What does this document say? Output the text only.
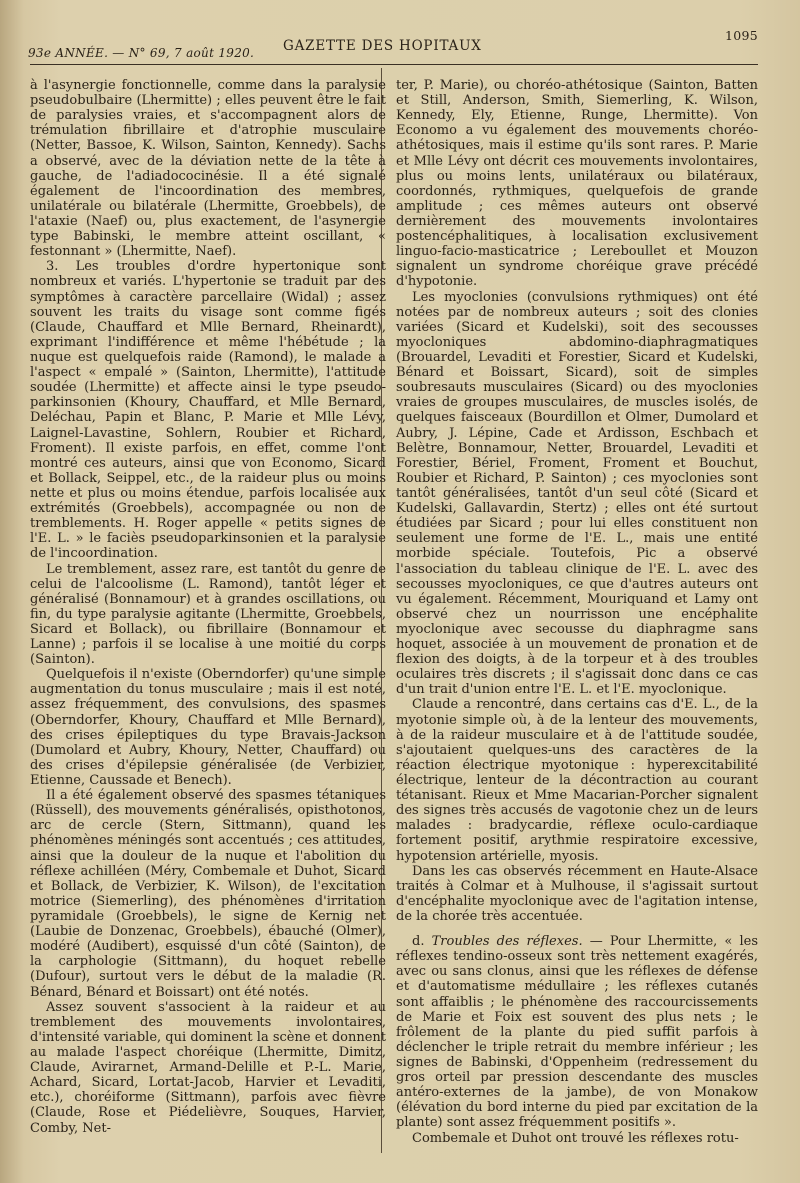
93e ANNÉE. — N° 69, 7 août 1920. GAZETTE DES HOPITAUX
1095

à l'asynergie fonctionnelle, comme dans la paralysie pseudobulbaire (Lhermitte) ; elles peuvent être le fait de paralysies vraies, et s'accompagnent alors de trémulation fibrillaire et d'atrophie musculaire (Netter, Bassoe, K. Wilson, Sainton, Kennedy). Sachs a observé, avec de la déviation nette de la tête à gauche, de l'adiadococinésie. Il a été signalé également de l'incoordination des membres, unilatérale ou bilatérale (Lhermitte, Groebbels), de l'ataxie (Naef) ou, plus exactement, de l'asynergie type Babinski, le membre atteint oscillant, « festonnant » (Lhermitte, Naef).

3. Les troubles d'ordre hypertonique sont nombreux et variés. L'hypertonie se traduit par des symptômes à caractère parcellaire (Widal) ; assez souvent les traits du visage sont comme figés (Claude, Chauffard et Mlle Bernard, Rheinardt), exprimant l'indifférence et même l'hébétude ; la nuque est quelquefois raide (Ramond), le malade a l'aspect « empalé » (Sainton, Lhermitte), l'attitude soudée (Lhermitte) et affecte ainsi le type pseudo-parkinsonien (Khoury, Chauffard, et Mlle Bernard, Deléchau, Papin et Blanc, P. Marie et Mlle Lévy, Laignel-Lavastine, Sohlern, Roubier et Richard, Froment). Il existe parfois, en effet, comme l'ont montré ces auteurs, ainsi que von Economo, Sicard et Bollack, Seippel, etc., de la raideur plus ou moins nette et plus ou moins étendue, parfois localisée aux extrémités (Groebbels), accompagnée ou non de tremblements. H. Roger appelle « petits signes de l'E. L. » le faciès pseudoparkinsonien et la paralysie de l'incoordination.

Le tremblement, assez rare, est tantôt du genre de celui de l'alcoolisme (L. Ramond), tantôt léger et généralisé (Bonnamour) et à grandes oscillations, ou fin, du type paralysie agitante (Lhermitte, Groebbels, Sicard et Bollack), ou fibrillaire (Bonnamour et Lanne) ; parfois il se localise à une moitié du corps (Sainton).

Quelquefois il n'existe (Oberndorfer) qu'une simple augmentation du tonus musculaire ; mais il est noté, assez fréquemment, des convulsions, des spasmes (Oberndorfer, Khoury, Chauffard et Mlle Bernard), des crises épileptiques du type Bravais-Jackson (Dumolard et Aubry, Khoury, Netter, Chauffard) ou des crises d'épilepsie généralisée (de Verbizier, Etienne, Caussade et Benech).

Il a été également observé des spasmes tétaniques (Rüssell), des mouvements généralisés, opisthotonos, arc de cercle (Stern, Sittmann), quand les phénomènes méningés sont accentués ; ces attitudes, ainsi que la douleur de la nuque et l'abolition du réflexe achilléen (Méry, Combemale et Duhot, Sicard et Bollack, de Verbizier, K. Wilson), de l'excitation motrice (Siemerling), des phénomènes d'irritation pyramidale (Groebbels), le signe de Kernig net (Laubie de Donzenac, Groebbels), ébauché (Olmer), modéré (Audibert), esquissé d'un côté (Sainton), de la carphologie (Sittmann), du hoquet rebelle (Dufour), surtout vers le début de la maladie (R. Bénard, Bénard et Boissart) ont été notés.

Assez souvent s'associent à la raideur et au tremblement des mouvements involontaires, d'intensité variable, qui dominent la scène et donnent au malade l'aspect choréique (Lhermitte, Dimitz, Claude, Avirагnet, Armand-Delille et P.-L. Marie, Achard, Sicard, Lortat-Jacob, Harvier et Levaditi, etc.), choréiforme (Sittmann), parfois avec fièvre (Claude, Rose et Piédelièvre, Souques, Harvier, Comby, Net-

ter, P. Marie), ou choréo-athétosique (Sainton, Batten et Still, Anderson, Smith, Siemerling, K. Wilson, Kennedy, Ely, Etienne, Runge, Lhermitte). Von Economo a vu également des mouvements choréo-athétosiques, mais il estime qu'ils sont rares. P. Marie et Mlle Lévy ont décrit ces mouvements involontaires, plus ou moins lents, unilatéraux ou bilatéraux, coordonnés, rythmiques, quelquefois de grande amplitude ; ces mêmes auteurs ont observé dernièrement des mouvements involontaires postencéphalitiques, à localisation exclusivement linguo-facio-masticatrice ; Lereboullet et Mouzon signalent un syndrome choréique grave précédé d'hypotonie.

Les myoclonies (convulsions rythmiques) ont été notées par de nombreux auteurs ; soit des clonies variées (Sicard et Kudelski), soit des secousses myocloniques abdomino-diaphragmatiques (Brouardel, Levaditi et Forestier, Sicard et Kudelski, Bénard et Boissart, Sicard), soit de simples soubresauts musculaires (Sicard) ou des myoclonies vraies de groupes musculaires, de muscles isolés, de quelques faisceaux (Bourdillon et Olmer, Dumolard et Aubry, J. Lépine, Cade et Ardisson, Eschbach et Belètre, Bonnamour, Netter, Brouardel, Levaditi et Forestier, Bériel, Froment, Froment et Bouchut, Roubier et Richard, P. Sainton) ; ces myoclonies sont tantôt généralisées, tantôt d'un seul côté (Sicard et Kudelski, Gallavardin, Stertz) ; elles ont été surtout étudiées par Sicard ; pour lui elles constituent non seulement une forme de l'E. L., mais une entité morbide spéciale. Toutefois, Pic a observé l'association du tableau clinique de l'E. L. avec des secousses myocloniques, ce que d'autres auteurs ont vu également. Récemment, Mouriquand et Lamy ont observé chez un nourrisson une encéphalite myoclonique avec secousse du diaphragme sans hoquet, associée à un mouvement de pronation et de flexion des doigts, à de la torpeur et à des troubles oculaires très discrets ; il s'agissait donc dans ce cas d'un trait d'union entre l'E. L. et l'E. myoclonique.

Claude a rencontré, dans certains cas d'E. L., de la myotonie simple où, à de la lenteur des mouvements, à de la raideur musculaire et à de l'attitude soudée, s'ajoutaient quelques-uns des caractères de la réaction électrique myotonique : hyperexcitabilité électrique, lenteur de la décontraction au courant tétanisant. Rieux et Mme Macarian-Porcher signalent des signes très accusés de vagotonie chez un de leurs malades : bradycardie, réflexe oculo-cardiaque fortement positif, arythmie respiratoire excessive, hypotension artérielle, myosis.

Dans les cas observés récemment en Haute-Alsace traités à Colmar et à Mulhouse, il s'agissait surtout d'encéphalite myoclonique avec de l'agitation intense, de la chorée très accentuée.

d. Troubles des réflexes. — Pour Lhermitte, « les réflexes tendino-osseux sont très nettement exagérés, avec ou sans clonus, ainsi que les réflexes de défense et d'automatisme médullaire ; les réflexes cutanés sont affaiblis ; le phénomène des raccourcissements de Marie et Foix est souvent des plus nets ; le frôlement de la plante du pied suffit parfois à déclencher le triple retrait du membre inférieur ; les signes de Babinski, d'Oppenheim (redressement du gros orteil par pression descendante des muscles antéro-externes de la jambe), de von Monakow (élévation du bord interne du pied par excitation de la plante) sont assez fréquemment positifs ».

Combemale et Duhot ont trouvé les réflexes rotu-
